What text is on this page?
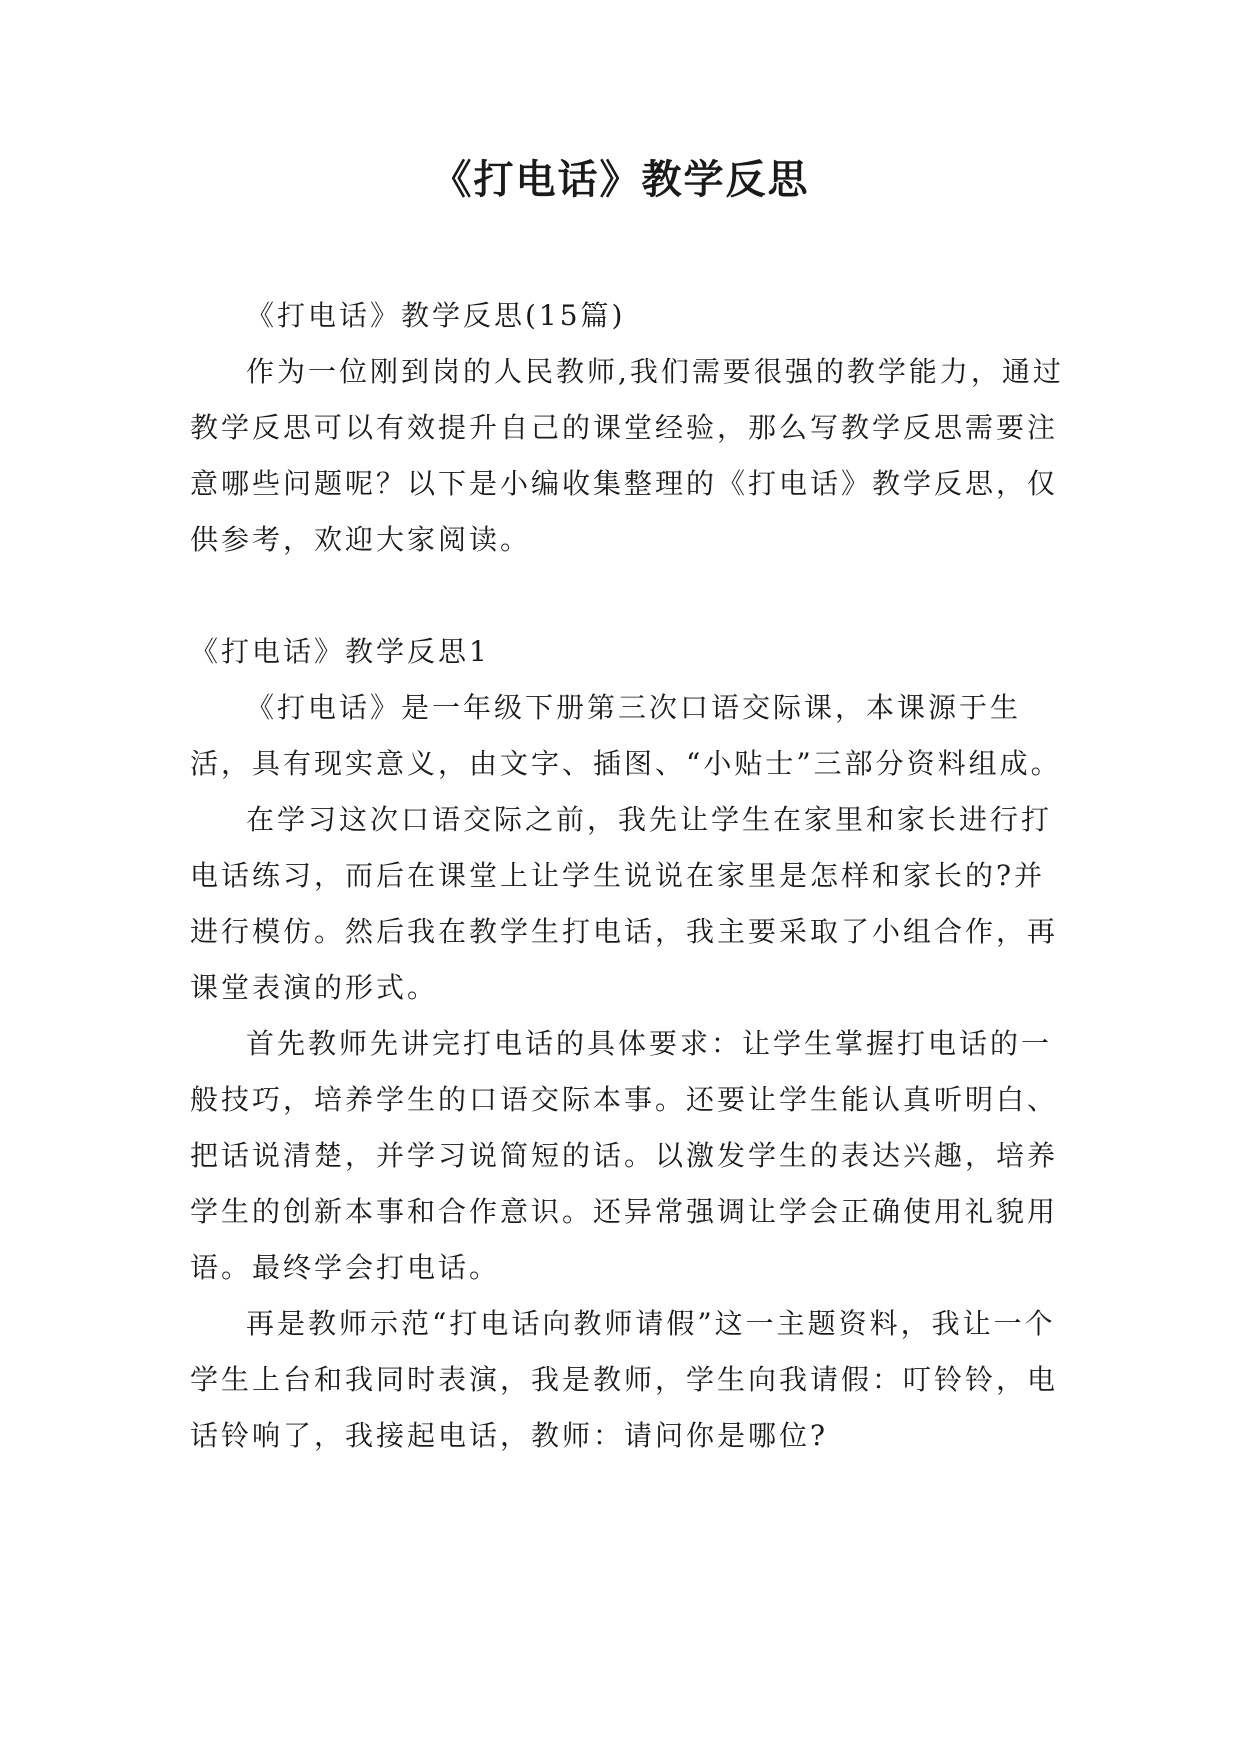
《打电话》教学反思

《打电话》教学反思(15篇)

作为一位刚到岗的人民教师,我们需要很强的教学能力，通过教学反思可以有效提升自己的课堂经验，那么写教学反思需要注意哪些问题呢？以下是小编收集整理的《打电话》教学反思，仅供参考，欢迎大家阅读。

《打电话》教学反思1

《打电话》是一年级下册第三次口语交际课，本课源于生活，具有现实意义，由文字、插图、“小贴士”三部分资料组成。

在学习这次口语交际之前，我先让学生在家里和家长进行打电话练习，而后在课堂上让学生说说在家里是怎样和家长的?并进行模仿。然后我在教学生打电话，我主要采取了小组合作，再课堂表演的形式。

首先教师先讲完打电话的具体要求：让学生掌握打电话的一般技巧，培养学生的口语交际本事。还要让学生能认真听明白、把话说清楚，并学习说简短的话。以激发学生的表达兴趣，培养学生的创新本事和合作意识。还异常强调让学会正确使用礼貌用语。最终学会打电话。

再是教师示范“打电话向教师请假”这一主题资料，我让一个学生上台和我同时表演，我是教师，学生向我请假：叮铃铃，电话铃响了，我接起电话，教师：请问你是哪位?
